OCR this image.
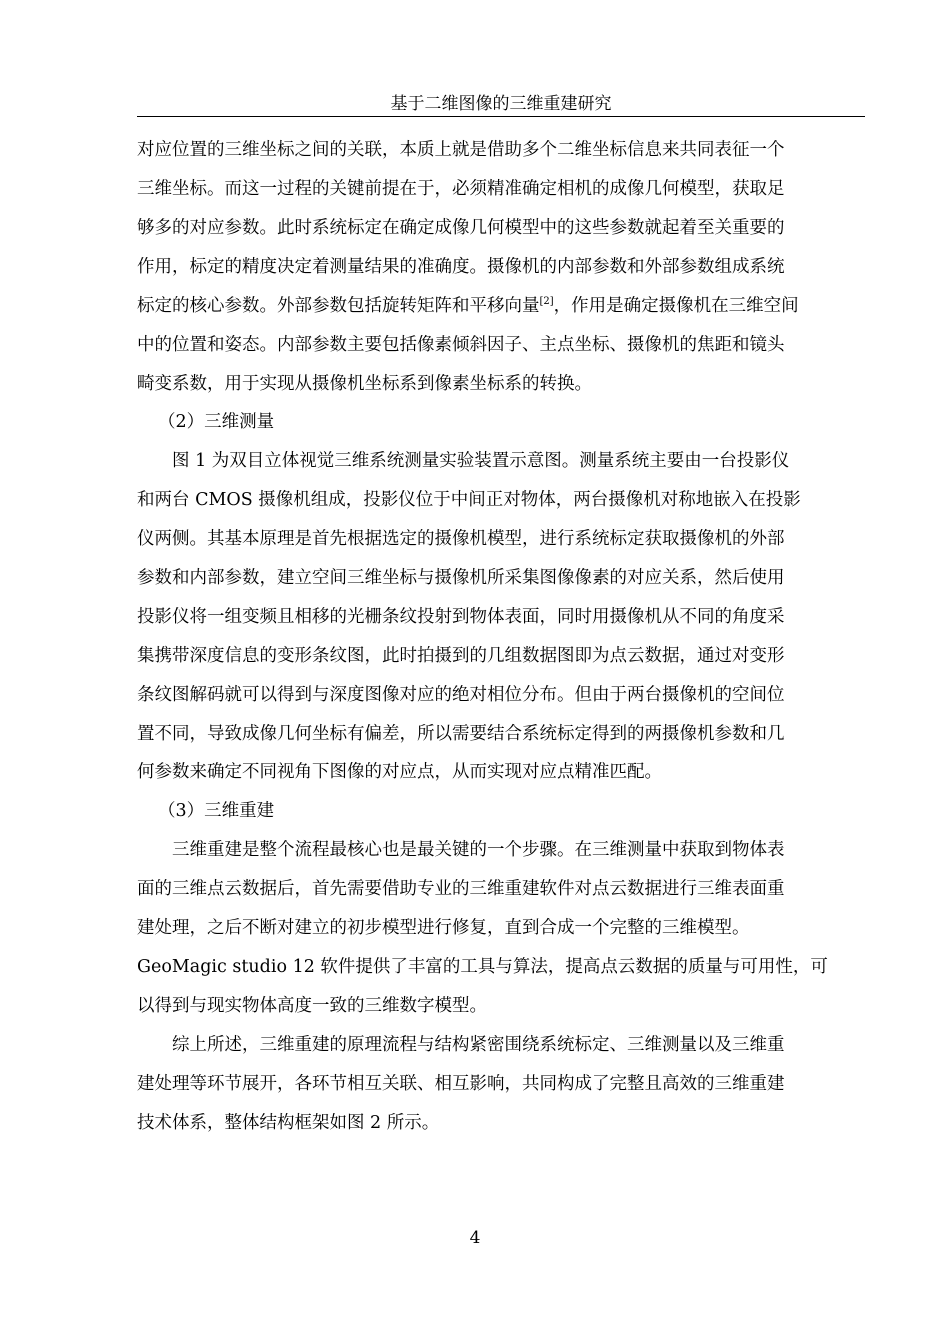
基于二维图像的三维重建研究
对应位置的三维坐标之间的关联，本质上就是借助多个二维坐标信息来共同表征一个
三维坐标。而这一过程的关键前提在于，必须精准确定相机的成像几何模型，获取足
够多的对应参数。此时系统标定在确定成像几何模型中的这些参数就起着至关重要的
作用，标定的精度决定着测量结果的准确度。摄像机的内部参数和外部参数组成系统
标定的核心参数。外部参数包括旋转矩阵和平移向量[2]，作用是确定摄像机在三维空间
中的位置和姿态。内部参数主要包括像素倾斜因子、主点坐标、摄像机的焦距和镜头
畸变系数，用于实现从摄像机坐标系到像素坐标系的转换。
（2）三维测量
图 1 为双目立体视觉三维系统测量实验装置示意图。测量系统主要由一台投影仪
和两台 CMOS 摄像机组成，投影仪位于中间正对物体，两台摄像机对称地嵌入在投影
仪两侧。其基本原理是首先根据选定的摄像机模型，进行系统标定获取摄像机的外部
参数和内部参数，建立空间三维坐标与摄像机所采集图像像素的对应关系，然后使用
投影仪将一组变频且相移的光栅条纹投射到物体表面，同时用摄像机从不同的角度采
集携带深度信息的变形条纹图，此时拍摄到的几组数据图即为点云数据，通过对变形
条纹图解码就可以得到与深度图像对应的绝对相位分布。但由于两台摄像机的空间位
置不同，导致成像几何坐标有偏差，所以需要结合系统标定得到的两摄像机参数和几
何参数来确定不同视角下图像的对应点，从而实现对应点精准匹配。
（3）三维重建
三维重建是整个流程最核心也是最关键的一个步骤。在三维测量中获取到物体表
面的三维点云数据后，首先需要借助专业的三维重建软件对点云数据进行三维表面重
建处理，之后不断对建立的初步模型进行修复，直到合成一个完整的三维模型。
GeoMagic studio 12 软件提供了丰富的工具与算法，提高点云数据的质量与可用性，可
以得到与现实物体高度一致的三维数字模型。
综上所述，三维重建的原理流程与结构紧密围绕系统标定、三维测量以及三维重
建处理等环节展开，各环节相互关联、相互影响，共同构成了完整且高效的三维重建
技术体系，整体结构框架如图 2 所示。
4
